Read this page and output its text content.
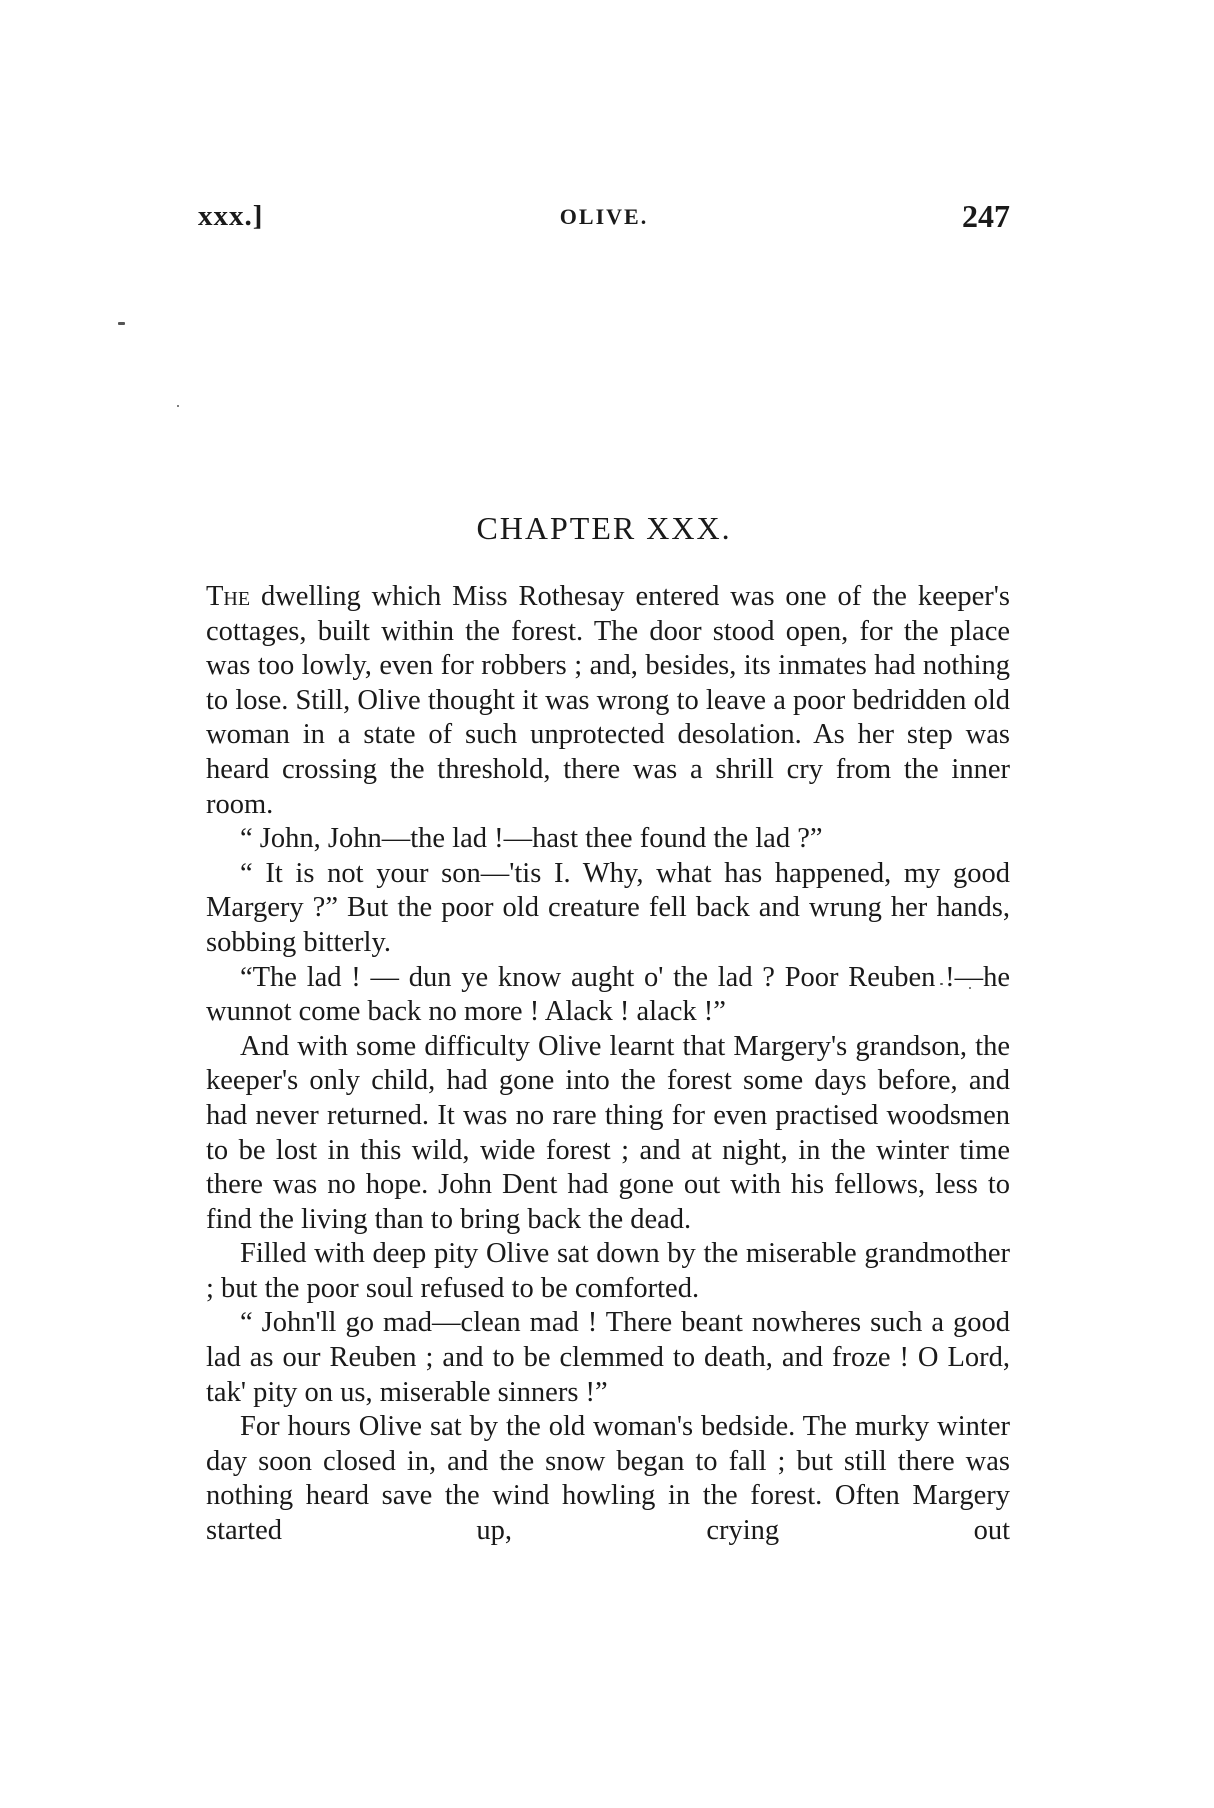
xxx.]	OLIVE.	247
CHAPTER XXX.

The dwelling which Miss Rothesay entered was one of the keeper's cottages, built within the forest. The door stood open, for the place was too lowly, even for robbers ; and, besides, its inmates had nothing to lose. Still, Olive thought it was wrong to leave a poor bedridden old woman in a state of such unprotected desolation. As her step was heard crossing the threshold, there was a shrill cry from the inner room.

“ John, John—the lad !—hast thee found the lad ?”

“ It is not your son—'tis I. Why, what has happened, my good Margery ?” But the poor old creature fell back and wrung her hands, sobbing bitterly.

“The lad ! — dun ye know aught o' the lad ? Poor Reuben !—he wunnot come back no more ! Alack ! alack !”

And with some difficulty Olive learnt that Margery's grandson, the keeper's only child, had gone into the forest some days before, and had never returned. It was no rare thing for even practised woodsmen to be lost in this wild, wide forest ; and at night, in the winter time there was no hope. John Dent had gone out with his fellows, less to find the living than to bring back the dead.

Filled with deep pity Olive sat down by the miserable grandmother ; but the poor soul refused to be comforted.

“ John'll go mad—clean mad ! There beant nowheres such a good lad as our Reuben ; and to be clemmed to death, and froze ! O Lord, tak' pity on us, miserable sinners !”

For hours Olive sat by the old woman's bedside. The murky winter day soon closed in, and the snow began to fall ; but still there was nothing heard save the wind howling in the forest. Often Margery started up, crying out
